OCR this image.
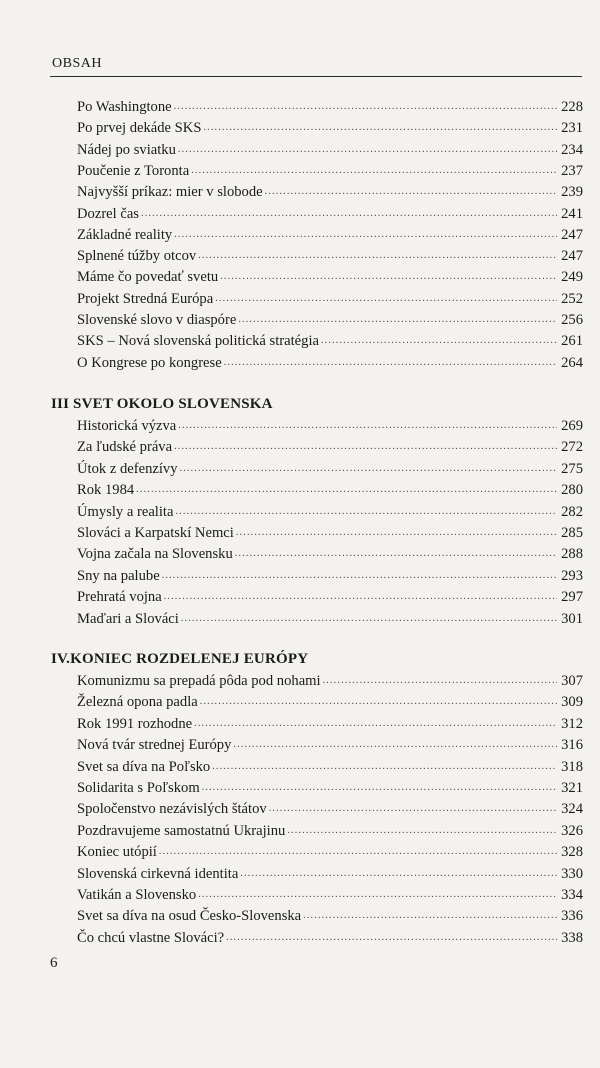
OBSAH
Po Washingtone .....	228
Po prvej dekáde SKS .....	231
Nádej po sviatku .....	234
Poučenie z Toronta .....	237
Najvyšší príkaz: mier v slobode .....	239
Dozrel čas .....	241
Základné reality .....	247
Splnené túžby otcov .....	247
Máme čo povedať svetu .....	249
Projekt Stredná Európa .....	252
Slovenské slovo v diaspóre .....	256
SKS – Nová slovenská politická stratégia .....	261
O Kongrese po kongrese .....	264
III SVET OKOLO SLOVENSKA
Historická výzva .....	269
Za ľudské práva .....	272
Útok z defenzívy .....	275
Rok 1984 .....	280
Úmysly a realita .....	282
Slováci a Karpatskí Nemci .....	285
Vojna začala na Slovensku .....	288
Sny na palube .....	293
Prehratá vojna .....	297
Maďari a Slováci .....	301
IV.KONIEC ROZDELENEJ EURÓPY
Komunizmu sa prepadá pôda pod nohami .....	307
Železná opona padla .....	309
Rok 1991 rozhodne .....	312
Nová tvár strednej Európy .....	316
Svet sa díva na Poľsko .....	318
Solidarita s Poľskom .....	321
Spoločenstvo nezávislých štátov .....	324
Pozdravujeme samostatnú Ukrajinu .....	326
Koniec utópií .....	328
Slovenská cirkevná identita .....	330
Vatikán a Slovensko .....	334
Svet sa díva na osud Česko-Slovenska .....	336
Čo chcú vlastne Slováci? .....	338
6
